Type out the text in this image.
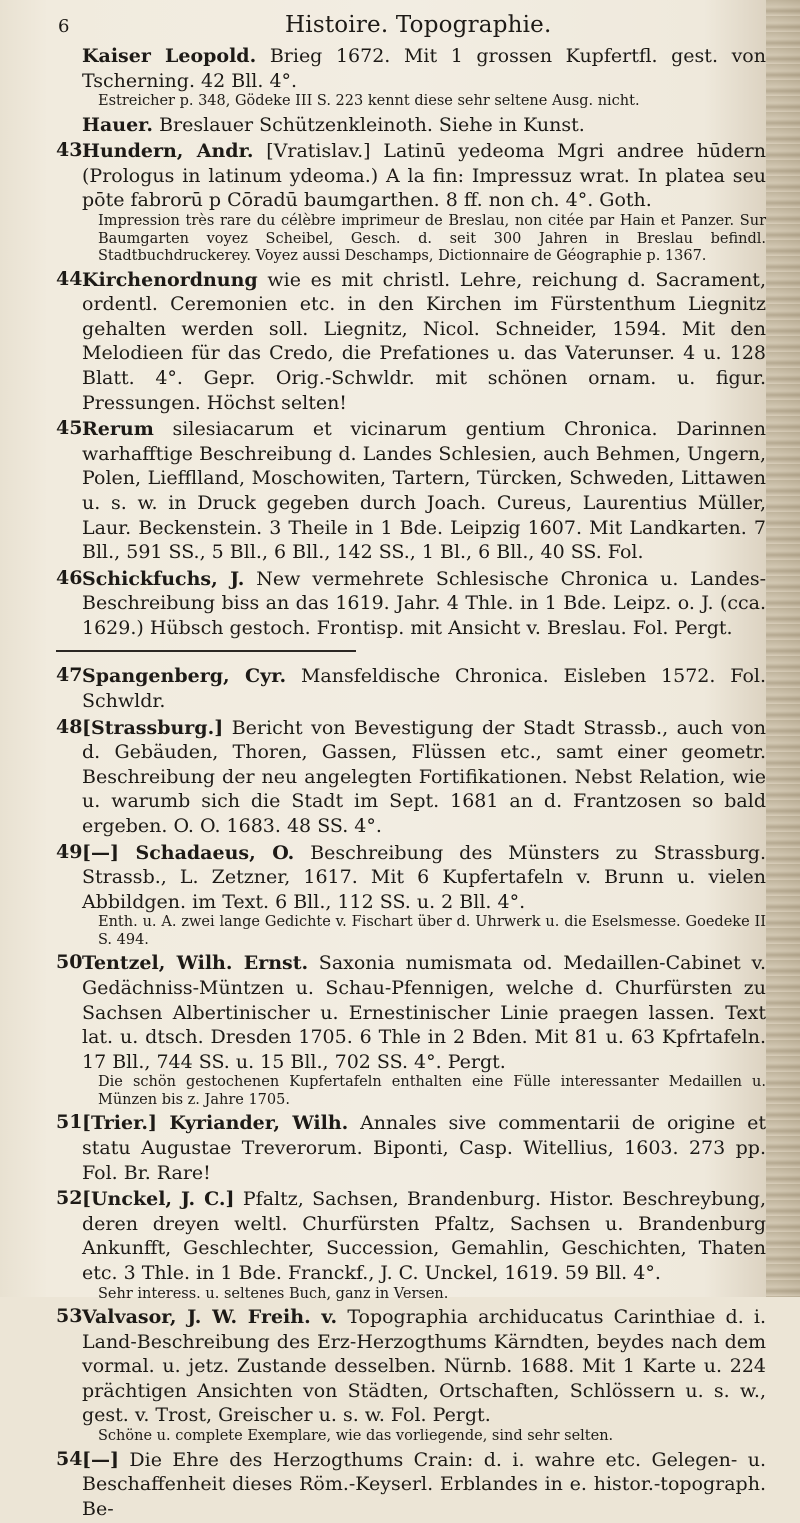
6	Histoire. Topographie.
Kaiser Leopold. Brieg 1672. Mit 1 grossen Kupfertfl. gest. von Tscherning. 42 Bll. 4°.
Estreicher p. 348, Gödeke III S. 223 kennt diese sehr seltene Ausg. nicht.
Hauer. Breslauer Schützenkleinoth. Siehe in Kunst.
43 Hundern, Andr. [Vratislav.] Latinū yedeoma Mgri andree hūdern (Prologus in latinum ydeoma.) A la fin: Impressuz wrat. In platea seu pōte fabrorū p Cōradū baumgarthen. 8 ff. non ch. 4°. Goth.
Impression très rare du célèbre imprimeur de Breslau, non citée par Hain et Panzer. Sur Baumgarten voyez Scheibel, Gesch. d. seit 300 Jahren in Breslau befindl. Stadtbuchdruckerey. Voyez aussi Deschamps, Dictionnaire de Géographie p. 1367.
44 Kirchenordnung wie es mit christl. Lehre, reichung d. Sacrament, ordentl. Ceremonien etc. in den Kirchen im Fürstenthum Liegnitz gehalten werden soll. Liegnitz, Nicol. Schneider, 1594. Mit den Melodieen für das Credo, die Prefationes u. das Vaterunser. 4 u. 128 Blatt. 4°. Gepr. Orig.-Schwldr. mit schönen ornam. u. figur. Pressungen. Höchst selten!
45 Rerum silesiacarum et vicinarum gentium Chronica. Darinnen warhafftige Beschreibung d. Landes Schlesien, auch Behmen, Ungern, Polen, Liefflland, Moschowiten, Tartern, Türcken, Schweden, Littawen u. s. w. in Druck gegeben durch Joach. Cureus, Laurentius Müller, Laur. Beckenstein. 3 Theile in 1 Bde. Leipzig 1607. Mit Landkarten. 7 Bll., 591 SS., 5 Bll., 6 Bll., 142 SS., 1 Bl., 6 Bll., 40 SS. Fol.
46 Schickfuchs, J. New vermehrete Schlesische Chronica u. Landes-Beschreibung biss an das 1619. Jahr. 4 Thle. in 1 Bde. Leipz. o. J. (cca. 1629.) Hübsch gestoch. Frontisp. mit Ansicht v. Breslau. Fol. Pergt.
47 Spangenberg, Cyr. Mansfeldische Chronica. Eisleben 1572. Fol. Schwldr.
48 [Strassburg.] Bericht von Bevestigung der Stadt Strassb., auch von d. Gebäuden, Thoren, Gassen, Flüssen etc., samt einer geometr. Beschreibung der neu angelegten Fortifikationen. Nebst Relation, wie u. warumb sich die Stadt im Sept. 1681 an d. Frantzosen so bald ergeben. O. O. 1683. 48 SS. 4°.
49 [—] Schadaeus, O. Beschreibung des Münsters zu Strassburg. Strassb., L. Zetzner, 1617. Mit 6 Kupfertafeln v. Brunn u. vielen Abbildgen. im Text. 6 Bll., 112 SS. u. 2 Bll. 4°.
Enth. u. A. zwei lange Gedichte v. Fischart über d. Uhrwerk u. die Eselsmesse. Goedeke II S. 494.
50 Tentzel, Wilh. Ernst. Saxonia numismata od. Medaillen-Cabinet v. Gedächniss-Müntzen u. Schau-Pfennigen, welche d. Churfürsten zu Sachsen Albertinischer u. Ernestinischer Linie praegen lassen. Text lat. u. dtsch. Dresden 1705. 6 Thle in 2 Bden. Mit 81 u. 63 Kpfrtafeln. 17 Bll., 744 SS. u. 15 Bll., 702 SS. 4°. Pergt.
Die schön gestochenen Kupfertafeln enthalten eine Fülle interessanter Medaillen u. Münzen bis z. Jahre 1705.
51 [Trier.] Kyriander, Wilh. Annales sive commentarii de origine et statu Augustae Treverorum. Biponti, Casp. Witellius, 1603. 273 pp. Fol. Br. Rare!
52 [Unckel, J. C.] Pfaltz, Sachsen, Brandenburg. Histor. Beschreybung, deren dreyen weltl. Churfürsten Pfaltz, Sachsen u. Brandenburg Ankunfft, Geschlechter, Succession, Gemahlin, Geschichten, Thaten etc. 3 Thle. in 1 Bde. Franckf., J. C. Unckel, 1619. 59 Bll. 4°.
Sehr interess. u. seltenes Buch, ganz in Versen.
53 Valvasor, J. W. Freih. v. Topographia archiducatus Carinthiae d. i. Land-Beschreibung des Erz-Herzogthums Kärndten, beydes nach dem vormal. u. jetz. Zustande desselben. Nürnb. 1688. Mit 1 Karte u. 224 prächtigen Ansichten von Städten, Ortschaften, Schlössern u. s. w., gest. v. Trost, Greischer u. s. w. Fol. Pergt.
Schöne u. complete Exemplare, wie das vorliegende, sind sehr selten.
54 [—] Die Ehre des Herzogthums Crain: d. i. wahre etc. Gelegen- u. Beschaffenheit dieses Röm.-Keyserl. Erblandes in e. histor.-topograph. Be-
